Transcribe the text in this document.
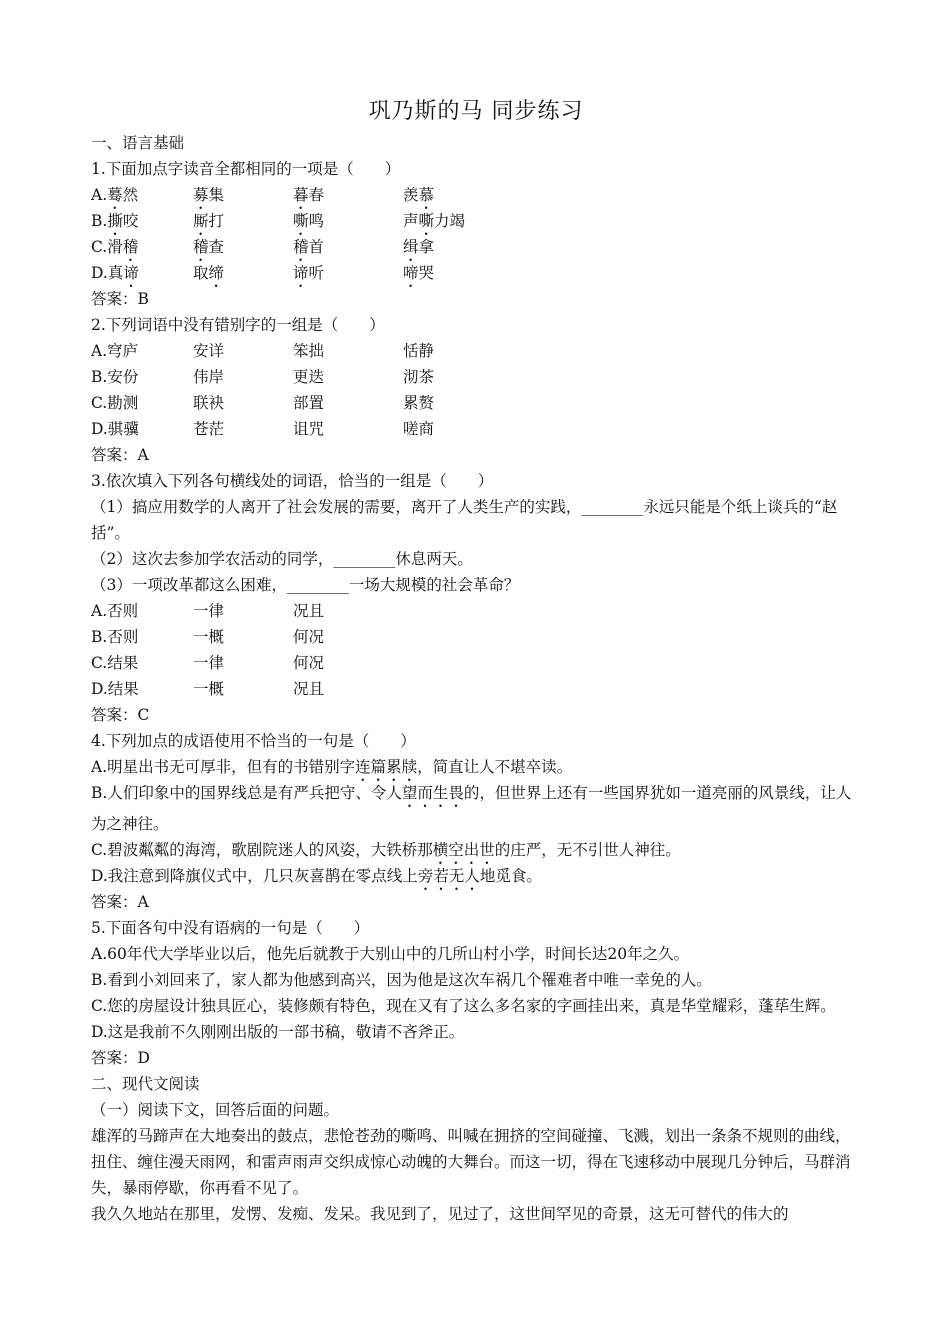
巩乃斯的马 同步练习
一、语言基础
1.下面加点字读音全都相同的一项是（　　）
A.蓦然	募集	暮春	羡慕
B.撕咬	厮打	嘶鸣	声嘶力竭
C.滑稽	稽查	稽首	缉拿
D.真谛	取缔	谛听	啼哭
答案：B
2.下列词语中没有错别字的一组是（　　）
A.穹庐	安详	笨拙	恬静
B.安份	伟岸	更迭	沏茶
C.勘测	联袂	部置	累赘
D.骐骥	苍茫	诅咒	嗟商
答案：A
3.依次填入下列各句横线处的词语，恰当的一组是（　　）
（1）搞应用数学的人离开了社会发展的需要，离开了人类生产的实践，________永远只能是个纸上谈兵的“赵括”。
（2）这次去参加学农活动的同学，________休息两天。
（3）一项改革都这么困难，________一场大规模的社会革命？
A.否则	一律	况且
B.否则	一概	何况
C.结果	一律	何况
D.结果	一概	况且
答案：C
4.下列加点的成语使用不恰当的一句是（　　）
A.明星出书无可厚非，但有的书错别字连篇累牍，简直让人不堪卒读。
B.人们印象中的国界线总是有严兵把守、令人望而生畏的，但世界上还有一些国界犹如一道亮丽的风景线，让人为之神往。
C.碧波粼粼的海湾，歌剧院迷人的风姿，大铁桥那横空出世的庄严，无不引世人神往。
D.我注意到降旗仪式中，几只灰喜鹊在零点线上旁若无人地觅食。
答案：A
5.下面各句中没有语病的一句是（　　）
A.60年代大学毕业以后，他先后就教于大别山中的几所山村小学，时间长达20年之久。
B.看到小刘回来了，家人都为他感到高兴，因为他是这次车祸几个罹难者中唯一幸免的人。
C.您的房屋设计独具匠心，装修颇有特色，现在又有了这么多名家的字画挂出来，真是华堂耀彩，蓬荜生辉。
D.这是我前不久刚刚出版的一部书稿，敬请不吝斧正。
答案：D
二、现代文阅读
（一）阅读下文，回答后面的问题。
雄浑的马蹄声在大地奏出的鼓点，悲怆苍劲的嘶鸣、叫喊在拥挤的空间碰撞、飞溅，划出一条条不规则的曲线，扭住、缠住漫天雨网，和雷声雨声交织成惊心动魄的大舞台。而这一切，得在飞速移动中展现几分钟后，马群消失，暴雨停歇，你再看不见了。
我久久地站在那里，发愣、发痴、发呆。我见到了，见过了，这世间罕见的奇景，这无可替代的伟大的
